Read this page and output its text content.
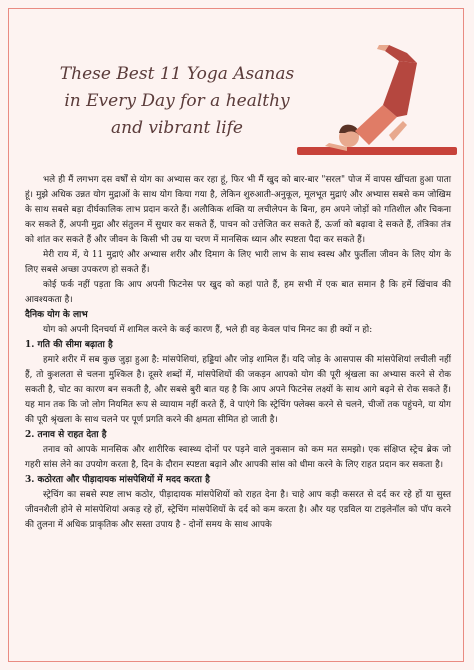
These Best 11 Yoga Asanas
in Every Day for a healthy
and vibrant life

भले ही मैं लगभग दस वर्षों से योग का अभ्यास कर रहा हूं, फिर भी मैं खुद को बार-बार "सरल" पोज में वापस खींचता हुआ पाता हूं। मुझे अधिक उन्नत योग मुद्राओं के साथ योग किया गया है, लेकिन शुरुआती-अनुकूल, मूलभूत मुद्राएं और अभ्यास सबसे कम जोखिम के साथ सबसे बड़ा दीर्घकालिक लाभ प्रदान करते हैं। अलौकिक शक्ति या लचीलेपन के बिना, हम अपने जोड़ों को गतिशील और चिकना कर सकते हैं, अपनी मुद्रा और संतुलन में सुधार कर सकते हैं, पाचन को उत्तेजित कर सकते हैं, ऊर्जा को बढ़ावा दे सकते हैं, तंत्रिका तंत्र को शांत कर सकते हैं और जीवन के किसी भी उम्र या चरण में मानसिक ध्यान और स्पष्टता पैदा कर सकते हैं।

मेरी राय में, ये 11 मुद्राएं और अभ्यास शरीर और दिमाग के लिए भारी लाभ के साथ स्वस्थ और फुर्तीला जीवन के लिए योग के लिए सबसे अच्छा उपकरण हो सकते हैं।

कोई फर्क नहीं पड़ता कि आप अपनी फिटनेस पर खुद को कहां पाते हैं, हम सभी में एक बात समान है कि हमें खिंचाव की आवश्यकता है।

दैनिक योग के लाभ

योग को अपनी दिनचर्या में शामिल करने के कई कारण हैं, भले ही वह केवल पांच मिनट का ही क्यों न हो:

1. गति की सीमा बढ़ाता है

हमारे शरीर में सब कुछ जुड़ा हुआ है: मांसपेशियां, हड्डियां और जोड़ शामिल हैं। यदि जोड़ के आसपास की मांसपेशियां लचीली नहीं हैं, तो कुशलता से चलना मुश्किल है। दूसरे शब्दों में, मांसपेशियों की जकड़न आपको योग की पूरी श्रृंखला का अभ्यास करने से रोक सकती है, चोट का कारण बन सकती है, और सबसे बुरी बात यह है कि आप अपने फिटनेस लक्ष्यों के साथ आगे बढ़ने से रोक सकते हैं। यह मान तक कि जो लोग नियमित रूप से व्यायाम नहीं करते हैं, वे पाएंगे कि स्ट्रेचिंग फ्लेक्स करने से चलने, चीजों तक पहुंचने, या योग की पूरी श्रृंखला के साथ चलने पर पूर्ण प्रगति करने की क्षमता सीमित हो जाती है।

2. तनाव से राहत देता है

तनाव को आपके मानसिक और शारीरिक स्वास्थ्य दोनों पर पड़ने वाले नुकसान को कम मत समझो। एक संक्षिप्त स्ट्रेच ब्रेक जो गहरी सांस लेने का उपयोग करता है, दिन के दौरान स्पष्टता बढ़ाने और आपकी सांस को धीमा करने के लिए राहत प्रदान कर सकता है।

3. कठोरता और पीड़ादायक मांसपेशियों में मदद करता है

स्ट्रेचिंग का सबसे स्पष्ट लाभ कठोर, पीड़ादायक मांसपेशियों को राहत देना है। चाहे आप कड़ी कसरत से दर्द कर रहे हों या सुस्त जीवनशैली होने से मांसपेशियां अकड़ रहे हों, स्ट्रेचिंग मांसपेशियों के दर्द को कम करता है। और यह एडविल या टाइलेनॉल को पॉप करने की तुलना में अधिक प्राकृतिक और सस्ता उपाय है - दोनों समय के साथ आपके
